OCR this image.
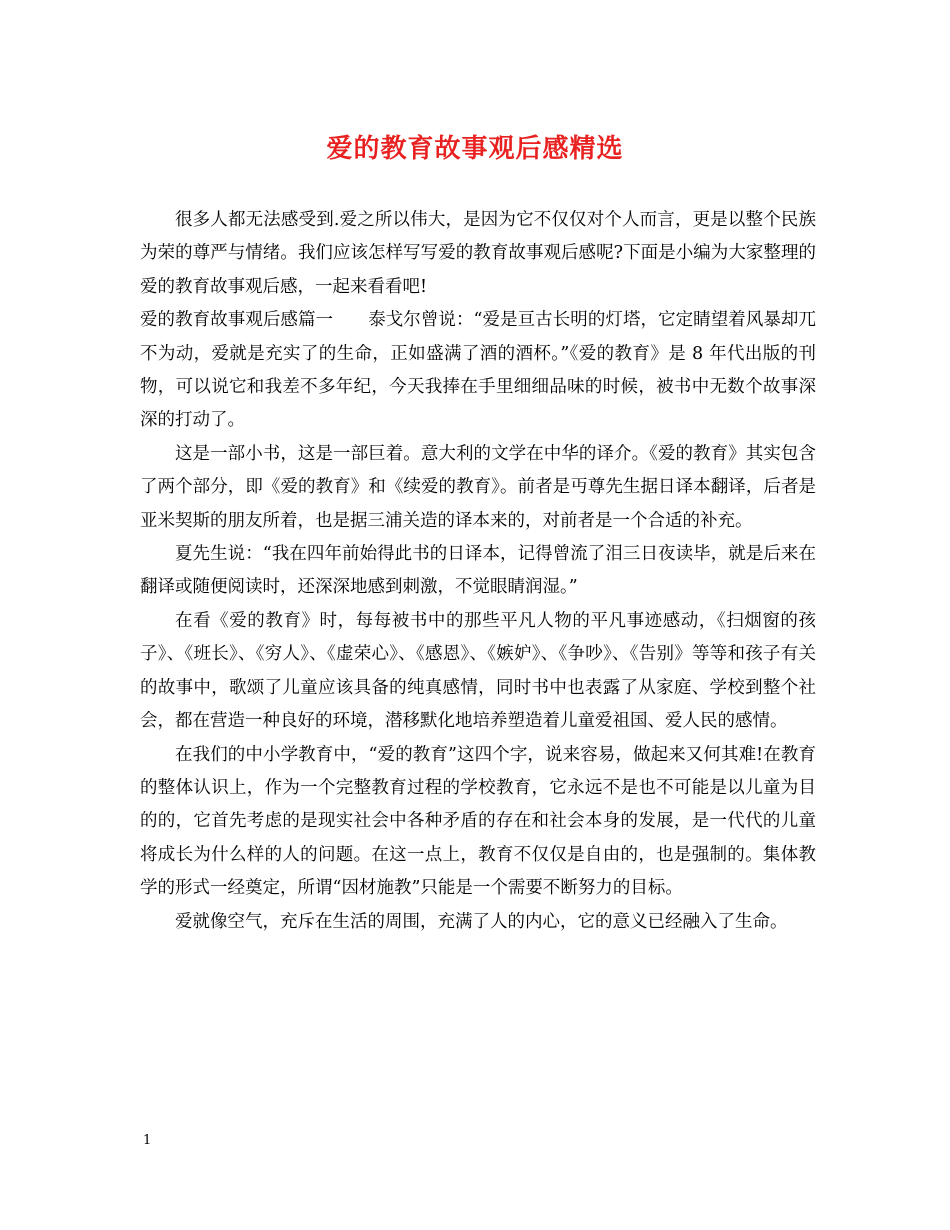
爱的教育故事观后感精选

很多人都无法感受到.爱之所以伟大，是因为它不仅仅对个人而言，更是以整个民族为荣的尊严与情绪。我们应该怎样写写爱的教育故事观后感呢?下面是小编为大家整理的爱的教育故事观后感，一起来看看吧!

爱的教育故事观后感篇一　　泰戈尔曾说：“爱是亘古长明的灯塔，它定睛望着风暴却兀不为动，爱就是充实了的生命，正如盛满了酒的酒杯。”《爱的教育》是 8 年代出版的刊物，可以说它和我差不多年纪，今天我捧在手里细细品味的时候，被书中无数个故事深深的打动了。

这是一部小书，这是一部巨着。意大利的文学在中华的译介。《爱的教育》其实包含了两个部分，即《爱的教育》和《续爱的教育》。前者是丏尊先生据日译本翻译，后者是亚米契斯的朋友所着，也是据三浦关造的译本来的，对前者是一个合适的补充。

夏先生说：“我在四年前始得此书的日译本，记得曾流了泪三日夜读毕，就是后来在翻译或随便阅读时，还深深地感到刺激，不觉眼睛润湿。”

在看《爱的教育》时，每每被书中的那些平凡人物的平凡事迹感动，《扫烟窗的孩子》、《班长》、《穷人》、《虚荣心》、《感恩》、《嫉妒》、《争吵》、《告别》等等和孩子有关的故事中，歌颂了儿童应该具备的纯真感情，同时书中也表露了从家庭、学校到整个社会，都在营造一种良好的环境，潜移默化地培养塑造着儿童爱祖国、爱人民的感情。

在我们的中小学教育中，“爱的教育”这四个字，说来容易，做起来又何其难!在教育的整体认识上，作为一个完整教育过程的学校教育，它永远不是也不可能是以儿童为目的的，它首先考虑的是现实社会中各种矛盾的存在和社会本身的发展，是一代代的儿童将成长为什么样的人的问题。在这一点上，教育不仅仅是自由的，也是强制的。集体教学的形式一经奠定，所谓“因材施教”只能是一个需要不断努力的目标。

爱就像空气，充斥在生活的周围，充满了人的内心，它的意义已经融入了生命。

1
